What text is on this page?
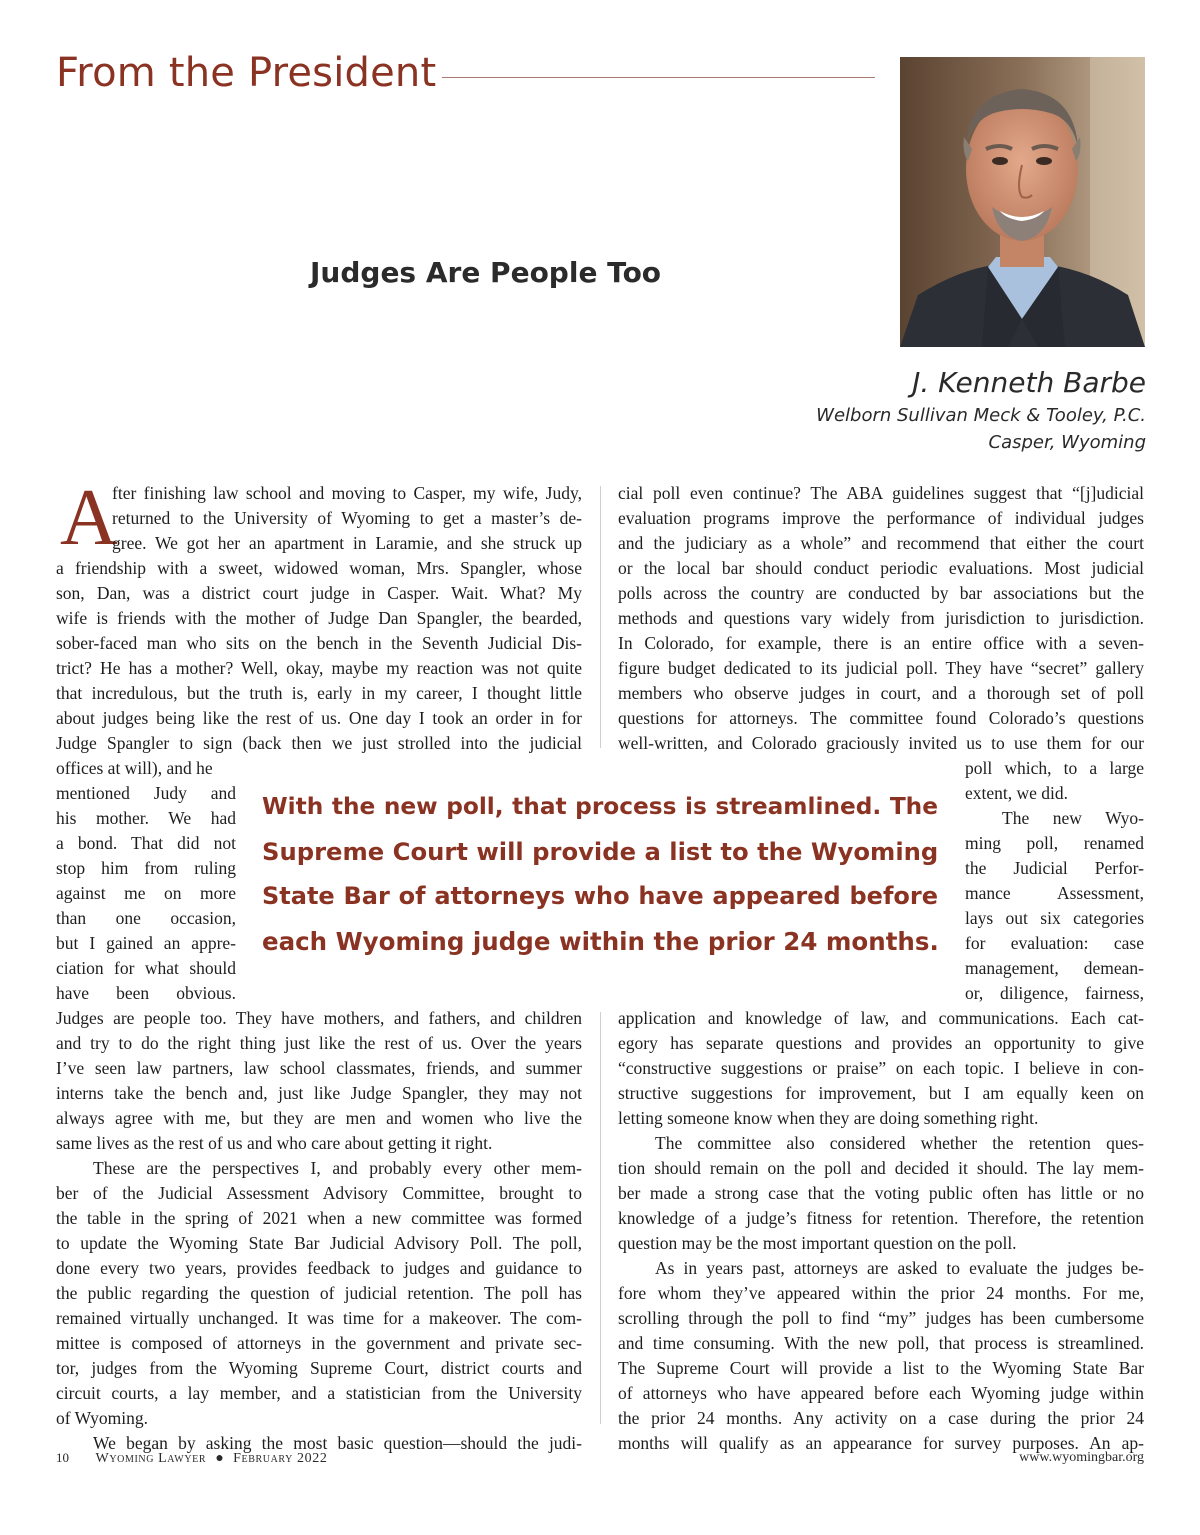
From the President
Judges Are People Too
J. Kenneth Barbe
Welborn Sullivan Meck & Tooley, P.C.
Casper, Wyoming
A
fter finishing law school and moving to Casper, my wife, Judy,
returned to the University of Wyoming to get a master’s de-
gree. We got her an apartment in Laramie, and she struck up
a friendship with a sweet, widowed woman, Mrs. Spangler, whose
son, Dan, was a district court judge in Casper. Wait. What? My
wife is friends with the mother of Judge Dan Spangler, the bearded,
sober-faced man who sits on the bench in the Seventh Judicial Dis-
trict? He has a mother? Well, okay, maybe my reaction was not quite
that incredulous, but the truth is, early in my career, I thought little
about judges being like the rest of us. One day I took an order in for
Judge Spangler to sign (back then we just strolled into the judicial
offices at will), and he
mentioned Judy and
his mother. We had
a bond. That did not
stop him from ruling
against me on more
than one occasion,
but I gained an appre-
ciation for what should
have been obvious.
Judges are people too. They have mothers, and fathers, and children
and try to do the right thing just like the rest of us. Over the years
I’ve seen law partners, law school classmates, friends, and summer
interns take the bench and, just like Judge Spangler, they may not
always agree with me, but they are men and women who live the
same lives as the rest of us and who care about getting it right.
These are the perspectives I, and probably every other mem-
ber of the Judicial Assessment Advisory Committee, brought to
the table in the spring of 2021 when a new committee was formed
to update the Wyoming State Bar Judicial Advisory Poll. The poll,
done every two years, provides feedback to judges and guidance to
the public regarding the question of judicial retention. The poll has
remained virtually unchanged. It was time for a makeover. The com-
mittee is composed of attorneys in the government and private sec-
tor, judges from the Wyoming Supreme Court, district courts and
circuit courts, a lay member, and a statistician from the University
of Wyoming.
We began by asking the most basic question—should the judi-
cial poll even continue? The ABA guidelines suggest that “[j]udicial
evaluation programs improve the performance of individual judges
and the judiciary as a whole” and recommend that either the court
or the local bar should conduct periodic evaluations. Most judicial
polls across the country are conducted by bar associations but the
methods and questions vary widely from jurisdiction to jurisdiction.
In Colorado, for example, there is an entire office with a seven-
figure budget dedicated to its judicial poll. They have “secret” gallery
members who observe judges in court, and a thorough set of poll
questions for attorneys. The committee found Colorado’s questions
well-written, and Colorado graciously invited us to use them for our
poll which, to a large
extent, we did.
The new Wyo-
ming poll, renamed
the Judicial Perfor-
mance Assessment,
lays out six categories
for evaluation: case
management, demean-
or, diligence, fairness,
application and knowledge of law, and communications. Each cat-
egory has separate questions and provides an opportunity to give
“constructive suggestions or praise” on each topic. I believe in con-
structive suggestions for improvement, but I am equally keen on
letting someone know when they are doing something right.
The committee also considered whether the retention ques-
tion should remain on the poll and decided it should. The lay mem-
ber made a strong case that the voting public often has little or no
knowledge of a judge’s fitness for retention. Therefore, the retention
question may be the most important question on the poll.
As in years past, attorneys are asked to evaluate the judges be-
fore whom they’ve appeared within the prior 24 months. For me,
scrolling through the poll to find “my” judges has been cumbersome
and time consuming. With the new poll, that process is streamlined.
The Supreme Court will provide a list to the Wyoming State Bar
of attorneys who have appeared before each Wyoming judge within
the prior 24 months. Any activity on a case during the prior 24
months will qualify as an appearance for survey purposes. An ap-
With the new poll, that process is streamlined. The
Supreme Court will provide a list to the Wyoming
State Bar of attorneys who have appeared before
each Wyoming judge within the prior 24 months.
10 Wyoming Lawyer ● February 2022	www.wyomingbar.org
